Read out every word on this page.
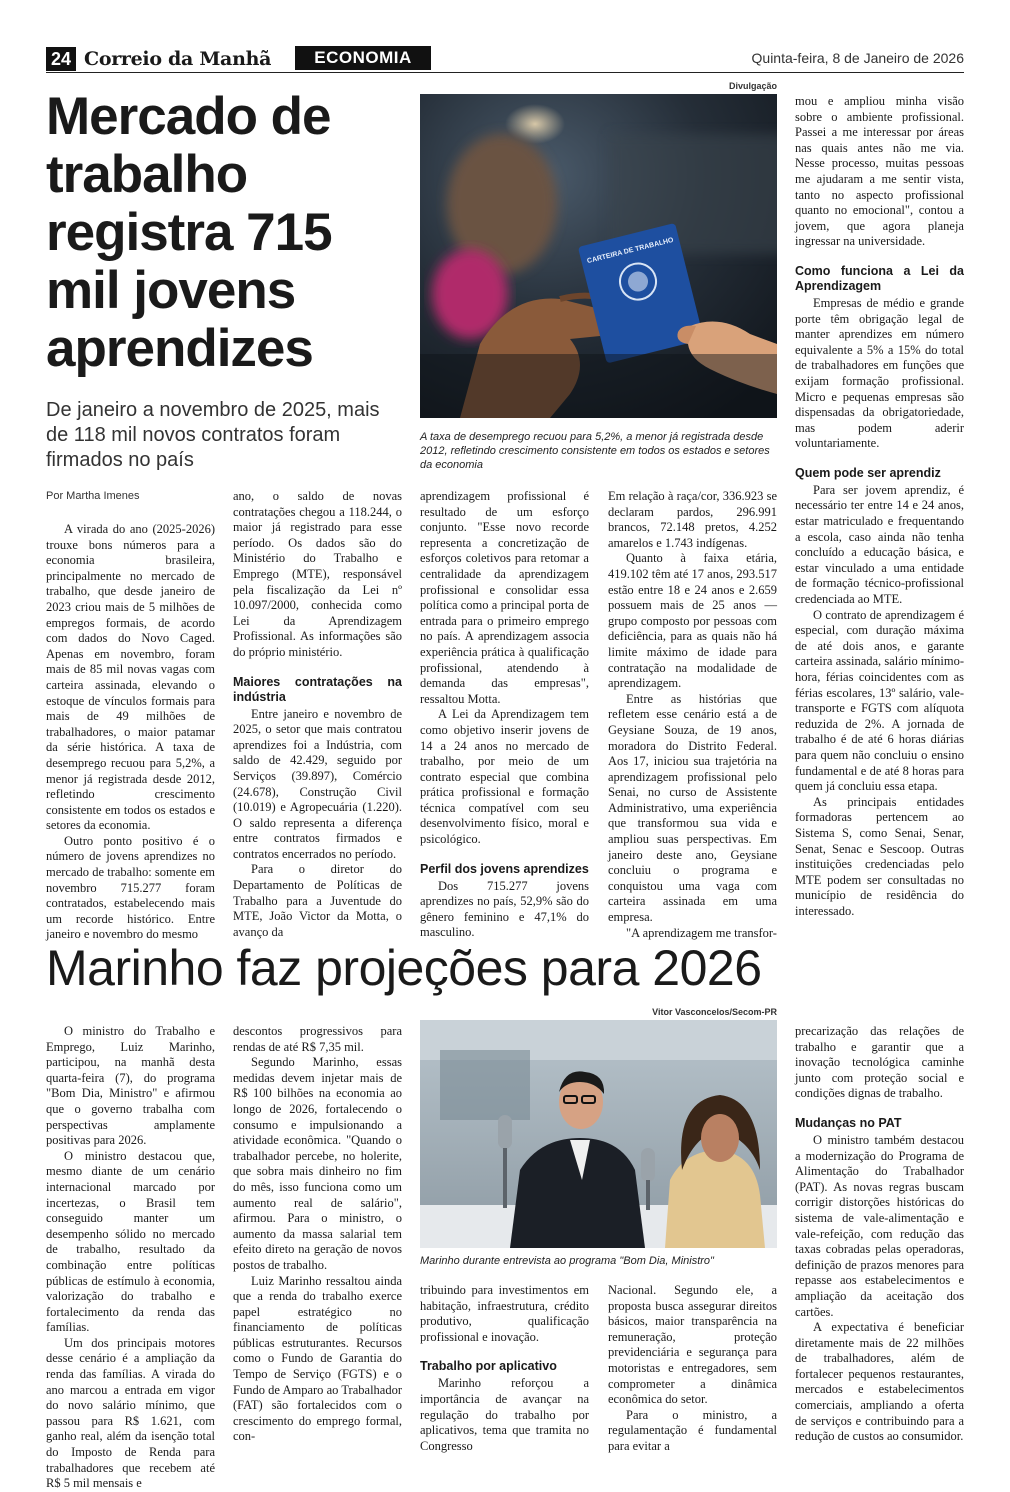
24 Correio da Manhã	ECONOMIA	Quinta-feira, 8 de Janeiro de 2026
Mercado de trabalho registra 715 mil jovens aprendizes

De janeiro a novembro de 2025, mais de 118 mil novos contratos foram firmados no país

Por Martha Imenes
Divulgação
CARTEIRA DE TRABALHO

A taxa de desemprego recuou para 5,2%, a menor já registrada desde 2012, refletindo crescimento consistente em todos os estados e setores da economia

A virada do ano (2025-2026) trouxe bons números para a economia brasileira, principalmente no mercado de trabalho, que desde janeiro de 2023 criou mais de 5 milhões de empregos formais, de acordo com dados do Novo Caged. Apenas em novembro, foram mais de 85 mil novas vagas com carteira assinada, elevando o estoque de vínculos formais para mais de 49 milhões de trabalhadores, o maior patamar da série histórica. A taxa de desemprego recuou para 5,2%, a menor já registrada desde 2012, refletindo crescimento consistente em todos os estados e setores da economia.

Outro ponto positivo é o número de jovens aprendizes no mercado de trabalho: somente em novembro 715.277 foram contratados, estabelecendo mais um recorde histórico. Entre janeiro e novembro do mesmo

ano, o saldo de novas contratações chegou a 118.244, o maior já registrado para esse período. Os dados são do Ministério do Trabalho e Emprego (MTE), responsável pela fiscalização da Lei nº 10.097/2000, conhecida como Lei da Aprendizagem Profissional. As informações são do próprio ministério.

Maiores contratações na indústria

Entre janeiro e novembro de 2025, o setor que mais contratou aprendizes foi a Indústria, com saldo de 42.429, seguido por Serviços (39.897), Comércio (24.678), Construção Civil (10.019) e Agropecuária (1.220). O saldo representa a diferença entre contratos firmados e contratos encerrados no período.

Para o diretor do Departamento de Políticas de Trabalho para a Juventude do MTE, João Victor da Motta, o avanço da

aprendizagem profissional é resultado de um esforço conjunto. "Esse novo recorde representa a concretização de esforços coletivos para retomar a centralidade da aprendizagem profissional e consolidar essa política como a principal porta de entrada para o primeiro emprego no país. A aprendizagem associa experiência prática à qualificação profissional, atendendo à demanda das empresas", ressaltou Motta.

A Lei da Aprendizagem tem como objetivo inserir jovens de 14 a 24 anos no mercado de trabalho, por meio de um contrato especial que combina prática profissional e formação técnica compatível com seu desenvolvimento físico, moral e psicológico.

Perfil dos jovens aprendizes

Dos 715.277 jovens aprendizes no país, 52,9% são do gênero feminino e 47,1% do masculino.

Em relação à raça/cor, 336.923 se declaram pardos, 296.991 brancos, 72.148 pretos, 4.252 amarelos e 1.743 indígenas.

Quanto à faixa etária, 419.102 têm até 17 anos, 293.517 estão entre 18 e 24 anos e 2.659 possuem mais de 25 anos — grupo composto por pessoas com deficiência, para as quais não há limite máximo de idade para contratação na modalidade de aprendizagem.

Entre as histórias que refletem esse cenário está a de Geysiane Souza, de 19 anos, moradora do Distrito Federal. Aos 17, iniciou sua trajetória na aprendizagem profissional pelo Senai, no curso de Assistente Administrativo, uma experiência que transformou sua vida e ampliou suas perspectivas. Em janeiro deste ano, Geysiane concluiu o programa e conquistou uma vaga com carteira assinada em uma empresa.

"A aprendizagem me transfor-

mou e ampliou minha visão sobre o ambiente profissional. Passei a me interessar por áreas nas quais antes não me via. Nesse processo, muitas pessoas me ajudaram a me sentir vista, tanto no aspecto profissional quanto no emocional", contou a jovem, que agora planeja ingressar na universidade.

Como funciona a Lei da Aprendizagem

Empresas de médio e grande porte têm obrigação legal de manter aprendizes em número equivalente a 5% a 15% do total de trabalhadores em funções que exijam formação profissional. Micro e pequenas empresas são dispensadas da obrigatoriedade, mas podem aderir voluntariamente.

Quem pode ser aprendiz

Para ser jovem aprendiz, é necessário ter entre 14 e 24 anos, estar matriculado e frequentando a escola, caso ainda não tenha concluído a educação básica, e estar vinculado a uma entidade de formação técnico-profissional credenciada ao MTE.

O contrato de aprendizagem é especial, com duração máxima de até dois anos, e garante carteira assinada, salário mínimo-hora, férias coincidentes com as férias escolares, 13º salário, vale-transporte e FGTS com alíquota reduzida de 2%. A jornada de trabalho é de até 6 horas diárias para quem não concluiu o ensino fundamental e de até 8 horas para quem já concluiu essa etapa.

As principais entidades formadoras pertencem ao Sistema S, como Senai, Senar, Senat, Senac e Sescoop. Outras instituições credenciadas pelo MTE podem ser consultadas no município de residência do interessado.

Marinho faz projeções para 2026
Vitor Vasconcelos/Secom-PR

Marinho durante entrevista ao programa "Bom Dia, Ministro"

O ministro do Trabalho e Emprego, Luiz Marinho, participou, na manhã desta quarta-feira (7), do programa "Bom Dia, Ministro" e afirmou que o governo trabalha com perspectivas amplamente positivas para 2026.

O ministro destacou que, mesmo diante de um cenário internacional marcado por incertezas, o Brasil tem conseguido manter um desempenho sólido no mercado de trabalho, resultado da combinação entre políticas públicas de estímulo à economia, valorização do trabalho e fortalecimento da renda das famílias.

Um dos principais motores desse cenário é a ampliação da renda das famílias. A virada do ano marcou a entrada em vigor do novo salário mínimo, que passou para R$ 1.621, com ganho real, além da isenção total do Imposto de Renda para trabalhadores que recebem até R$ 5 mil mensais e

descontos progressivos para rendas de até R$ 7,35 mil.

Segundo Marinho, essas medidas devem injetar mais de R$ 100 bilhões na economia ao longo de 2026, fortalecendo o consumo e impulsionando a atividade econômica. "Quando o trabalhador percebe, no holerite, que sobra mais dinheiro no fim do mês, isso funciona como um aumento real de salário", afirmou. Para o ministro, o aumento da massa salarial tem efeito direto na geração de novos postos de trabalho.

Luiz Marinho ressaltou ainda que a renda do trabalho exerce papel estratégico no financiamento de políticas públicas estruturantes. Recursos como o Fundo de Garantia do Tempo de Serviço (FGTS) e o Fundo de Amparo ao Trabalhador (FAT) são fortalecidos com o crescimento do emprego formal, con-

tribuindo para investimentos em habitação, infraestrutura, crédito produtivo, qualificação profissional e inovação.

Trabalho por aplicativo

Marinho reforçou a importância de avançar na regulação do trabalho por aplicativos, tema que tramita no Congresso

Nacional. Segundo ele, a proposta busca assegurar direitos básicos, maior transparência na remuneração, proteção previdenciária e segurança para motoristas e entregadores, sem comprometer a dinâmica econômica do setor.

Para o ministro, a regulamentação é fundamental para evitar a

precarização das relações de trabalho e garantir que a inovação tecnológica caminhe junto com proteção social e condições dignas de trabalho.

Mudanças no PAT

O ministro também destacou a modernização do Programa de Alimentação do Trabalhador (PAT). As novas regras buscam corrigir distorções históricas do sistema de vale-alimentação e vale-refeição, com redução das taxas cobradas pelas operadoras, definição de prazos menores para repasse aos estabelecimentos e ampliação da aceitação dos cartões.

A expectativa é beneficiar diretamente mais de 22 milhões de trabalhadores, além de fortalecer pequenos restaurantes, mercados e estabelecimentos comerciais, ampliando a oferta de serviços e contribuindo para a redução de custos ao consumidor.
